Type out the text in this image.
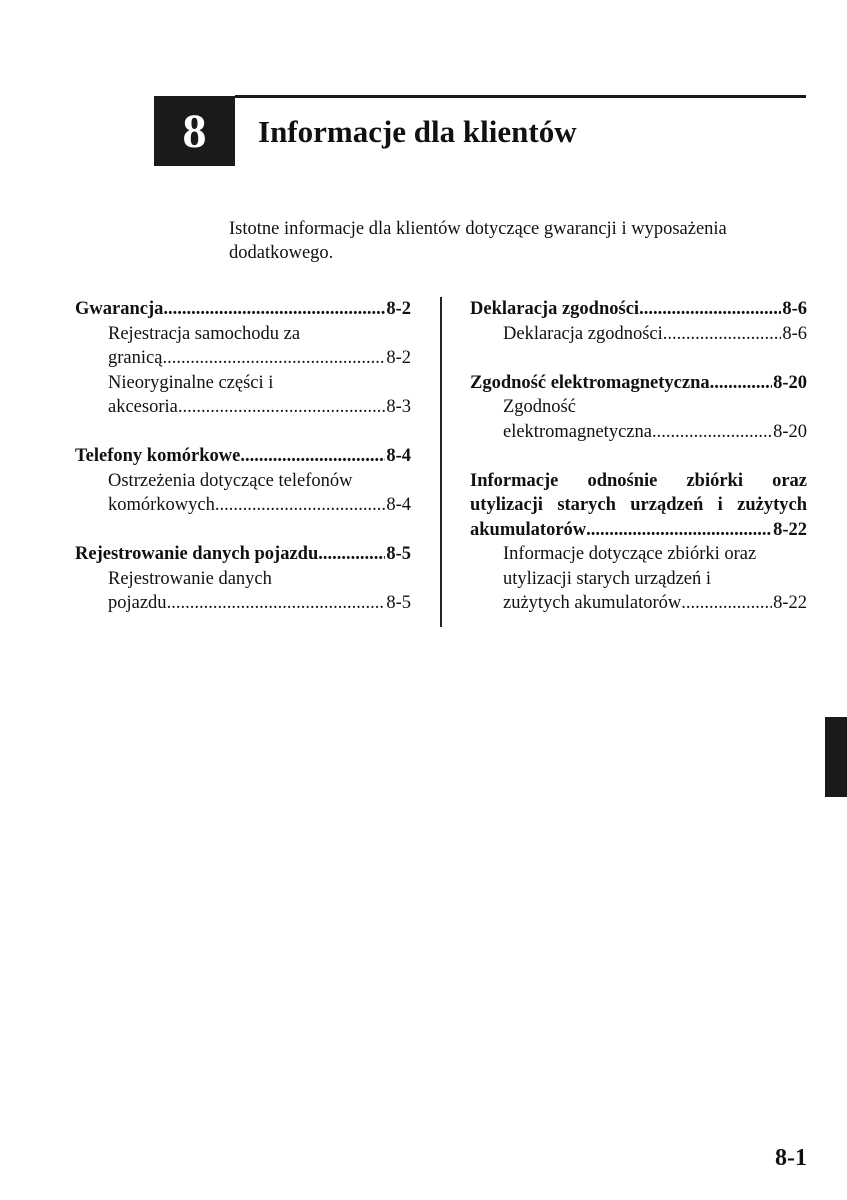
8 Informacje dla klientów
Istotne informacje dla klientów dotyczące gwarancji i wyposażenia
dodatkowego.
Gwarancja .....	8-2
Rejestracja samochodu za
granicą .....	8-2
Nieoryginalne części i
akcesoria .....	8-3
Telefony komórkowe .....	8-4
Ostrzeżenia dotyczące telefonów
komórkowych .....	8-4
Rejestrowanie danych pojazdu .....	8-5
Rejestrowanie danych
pojazdu .....	8-5
Deklaracja zgodności .....	8-6
Deklaracja zgodności .....	8-6
Zgodność elektromagnetyczna .....	8-20
Zgodność
elektromagnetyczna .....	8-20
Informacje odnośnie zbiórki oraz
utylizacji starych urządzeń i zużytych
akumulatorów .....	8-22
Informacje dotyczące zbiórki oraz
utylizacji starych urządzeń i
zużytych akumulatorów .....	8-22
8-1
